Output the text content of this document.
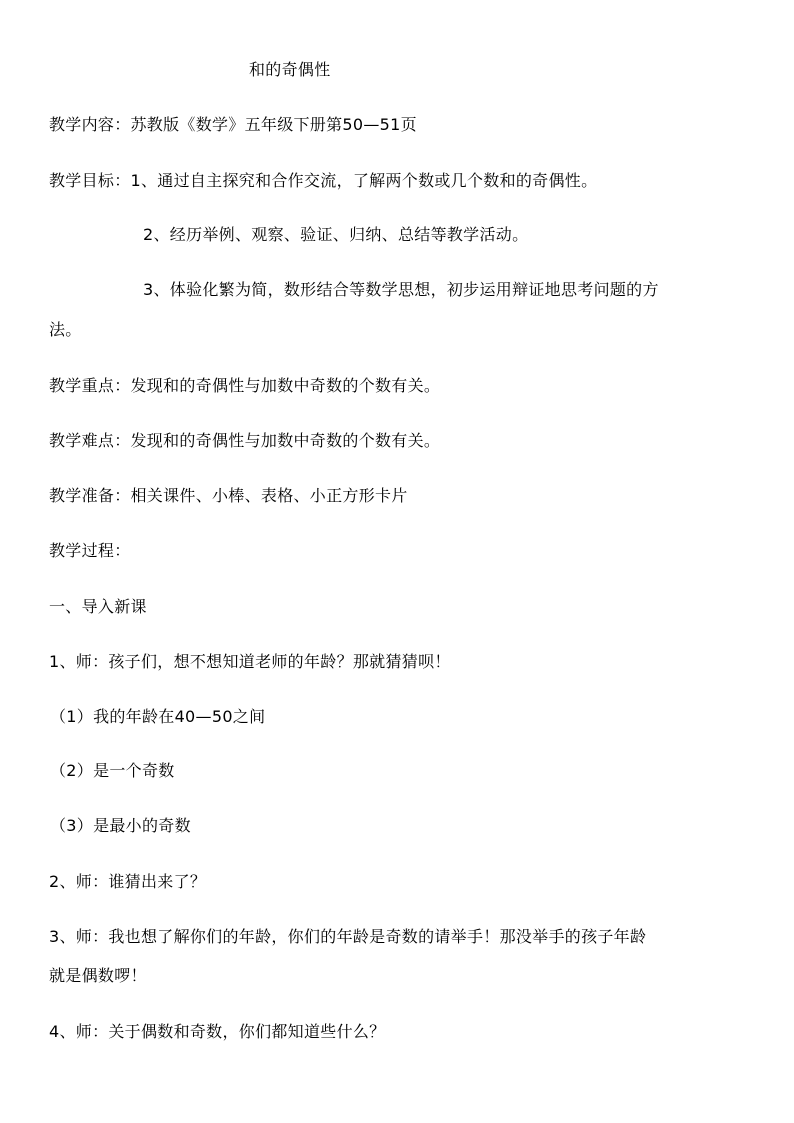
和的奇偶性
教学内容：苏教版《数学》五年级下册第50—51页
教学目标：1、通过自主探究和合作交流，了解两个数或几个数和的奇偶性。
2、经历举例、观察、验证、归纳、总结等教学活动。
3、体验化繁为简，数形结合等数学思想，初步运用辩证地思考问题的方
法。
教学重点：发现和的奇偶性与加数中奇数的个数有关。
教学难点：发现和的奇偶性与加数中奇数的个数有关。
教学准备：相关课件、小棒、表格、小正方形卡片
教学过程：
一、导入新课
1、师：孩子们，想不想知道老师的年龄？那就猜猜呗！
（1）我的年龄在40—50之间
（2）是一个奇数
（3）是最小的奇数
2、师：谁猜出来了？
3、师：我也想了解你们的年龄，你们的年龄是奇数的请举手！那没举手的孩子年龄
就是偶数啰！
4、师：关于偶数和奇数，你们都知道些什么？
